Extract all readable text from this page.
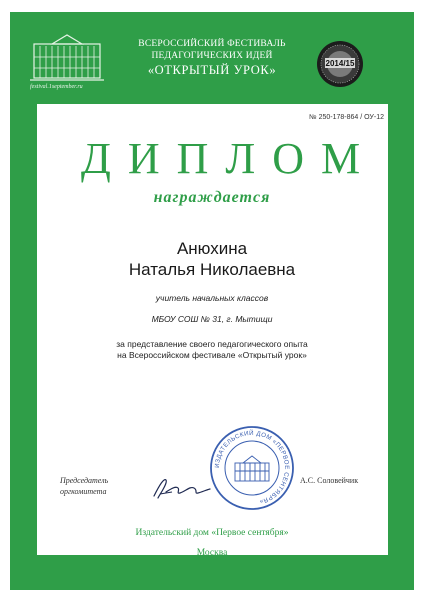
festival.1september.ru
ВСЕРОССИЙСКИЙ ФЕСТИВАЛЬ
ПЕДАГОГИЧЕСКИХ ИДЕЙ
«ОТКРЫТЫЙ УРОК»	2014/15
№ 250-178-864 / ОУ-12
ДИПЛОМ
награждается
Анюхина
Наталья Николаевна
учитель начальных классов
МБОУ СОШ № 31, г. Мытищи
за представление своего педагогического опыта
на Всероссийском фестивале «Открытый урок»
Председатель
оргкомитета
ИЗДАТЕЛЬСКИЙ ДОМ «ПЕРВОЕ СЕНТЯБРЯ»
А.С. Соловейчик
Издательский дом «Первое сентября»
Москва
